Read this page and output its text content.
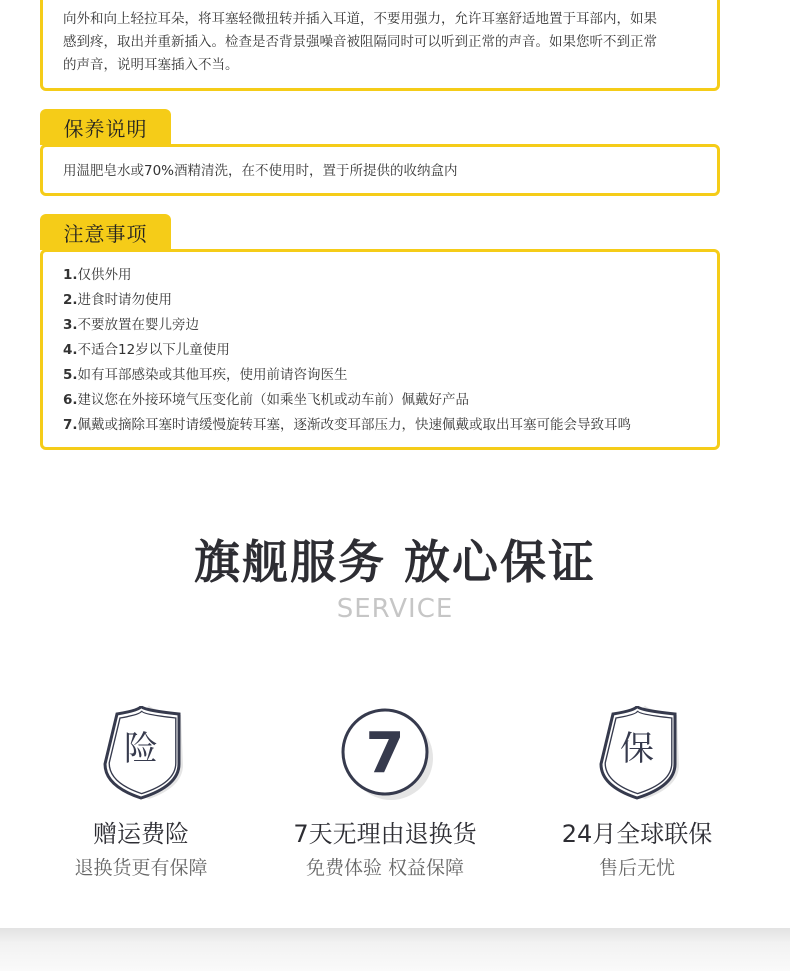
向外和向上轻拉耳朵，将耳塞轻微扭转并插入耳道，不要用强力，允许耳塞舒适地置于耳部内，如果

感到疼，取出并重新插入。检查是否背景强噪音被阻隔同时可以听到正常的声音。如果您听不到正常

的声音，说明耳塞插入不当。

保养说明

用温肥皂水或70%酒精清洗，在不使用时，置于所提供的收纳盒内

注意事项
1.仅供外用
2.进食时请勿使用
3.不要放置在婴儿旁边
4.不适合12岁以下儿童使用
5.如有耳部感染或其他耳疾，使用前请咨询医生
6.建议您在外接环境气压变化前（如乘坐飞机或动车前）佩戴好产品
7.佩戴或摘除耳塞时请缓慢旋转耳塞，逐渐改变耳部压力，快速佩戴或取出耳塞可能会导致耳鸣
旗舰服务 放心保证
SERVICE
险
赠运费险
退换货更有保障
7
7天无理由退换货
免费体验 权益保障
保
24月全球联保
售后无忧
